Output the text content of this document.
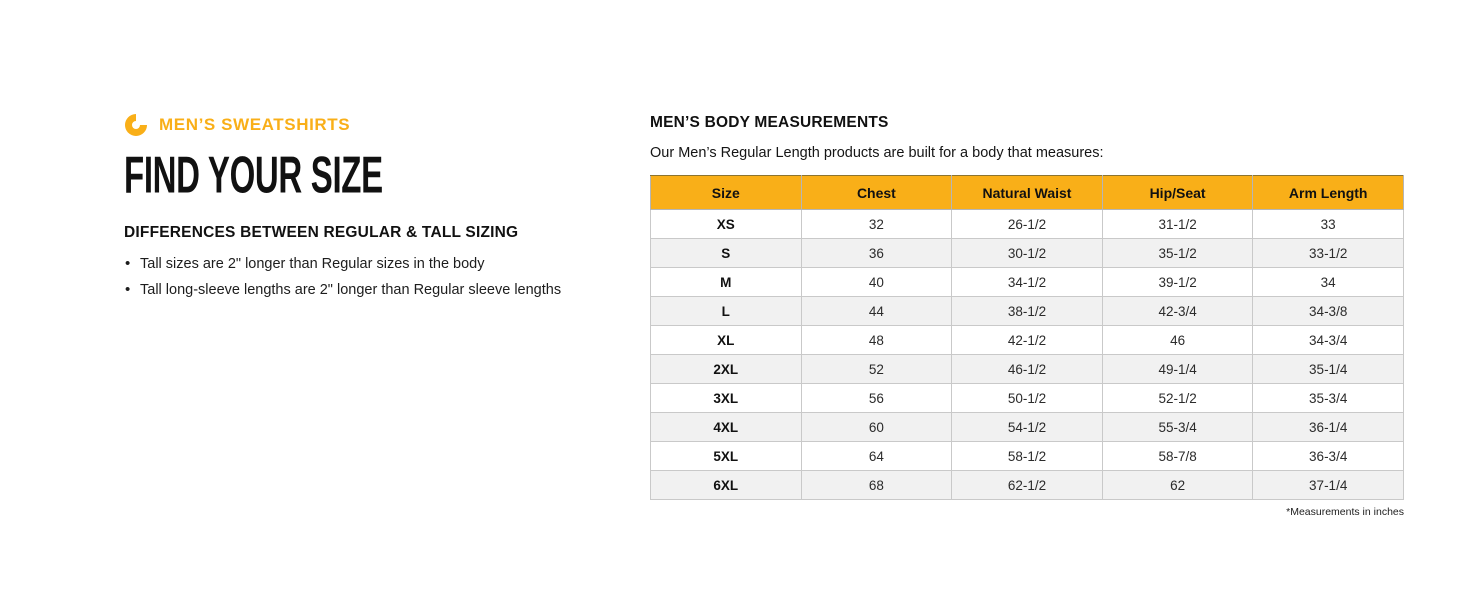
MEN’S SWEATSHIRTS
FIND YOUR SIZE
DIFFERENCES BETWEEN REGULAR & TALL SIZING
• Tall sizes are 2" longer than Regular sizes in the body
• Tall long-sleeve lengths are 2" longer than Regular sleeve lengths
MEN’S BODY MEASUREMENTS

Our Men’s Regular Length products are built for a body that measures:

Size	Chest	Natural Waist	Hip/Seat	Arm Length
XS	32	26-1/2	31-1/2	33
S	36	30-1/2	35-1/2	33-1/2
M	40	34-1/2	39-1/2	34
L	44	38-1/2	42-3/4	34-3/8
XL	48	42-1/2	46	34-3/4
2XL	52	46-1/2	49-1/4	35-1/4
3XL	56	50-1/2	52-1/2	35-3/4
4XL	60	54-1/2	55-3/4	36-1/4
5XL	64	58-1/2	58-7/8	36-3/4
6XL	68	62-1/2	62	37-1/4
*Measurements in inches
